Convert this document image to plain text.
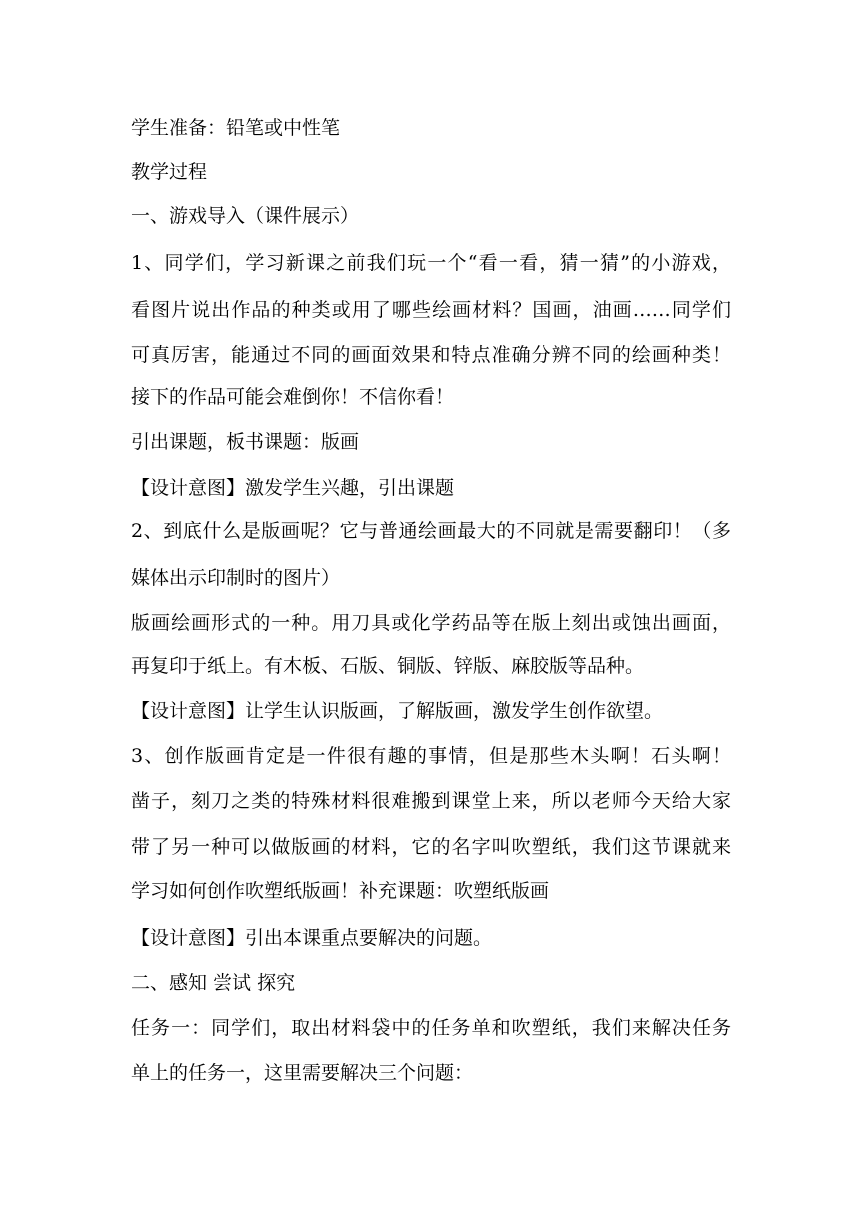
学生准备：铅笔或中性笔
教学过程
一、游戏导入（课件展示）
1、同学们，学习新课之前我们玩一个“看一看，猜一猜”的小游戏，
看图片说出作品的种类或用了哪些绘画材料？国画，油画……同学们
可真厉害，能通过不同的画面效果和特点准确分辨不同的绘画种类！
接下的作品可能会难倒你！不信你看！
引出课题，板书课题：版画
【设计意图】激发学生兴趣，引出课题
2、到底什么是版画呢？它与普通绘画最大的不同就是需要翻印！（多
媒体出示印制时的图片）
版画绘画形式的一种。用刀具或化学药品等在版上刻出或蚀出画面，
再复印于纸上。有木板、石版、铜版、锌版、麻胶版等品种。
【设计意图】让学生认识版画，了解版画，激发学生创作欲望。
3、创作版画肯定是一件很有趣的事情，但是那些木头啊！石头啊！
凿子，刻刀之类的特殊材料很难搬到课堂上来，所以老师今天给大家
带了另一种可以做版画的材料，它的名字叫吹塑纸，我们这节课就来
学习如何创作吹塑纸版画！补充课题：吹塑纸版画
【设计意图】引出本课重点要解决的问题。
二、感知 尝试 探究
任务一：同学们，取出材料袋中的任务单和吹塑纸，我们来解决任务
单上的任务一，这里需要解决三个问题：
